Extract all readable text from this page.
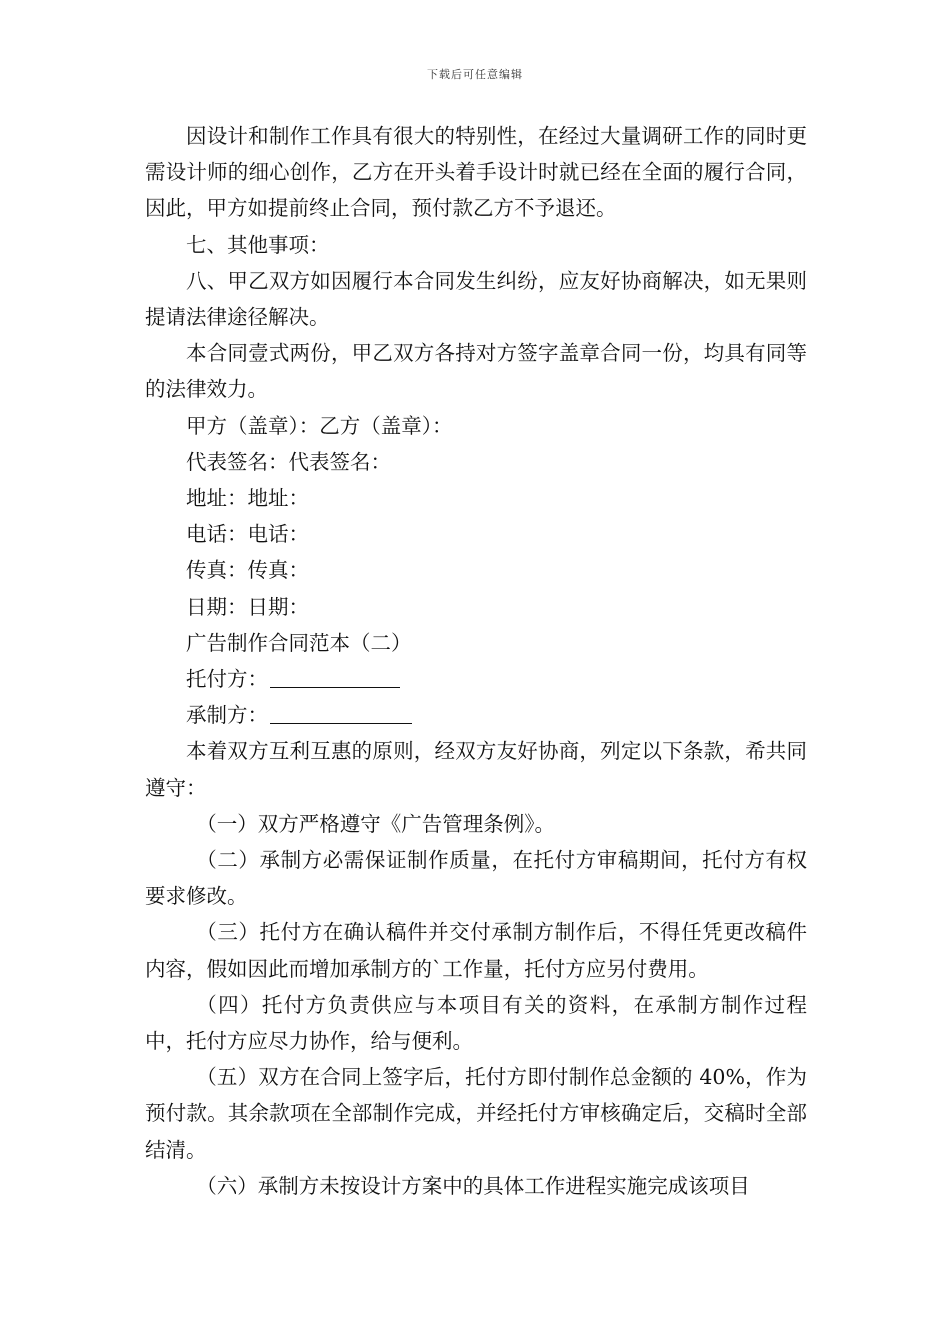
下载后可任意编辑

因设计和制作工作具有很大的特别性，在经过大量调研工作的同时更需设计师的细心创作，乙方在开头着手设计时就已经在全面的履行合同，因此，甲方如提前终止合同，预付款乙方不予退还。

七、其他事项：

八、甲乙双方如因履行本合同发生纠纷，应友好协商解决，如无果则提请法律途径解决。

本合同壹式两份，甲乙双方各持对方签字盖章合同一份，均具有同等的法律效力。

甲方（盖章）：乙方（盖章）：

代表签名：代表签名：

地址：地址：

电话：电话：

传真：传真：

日期：日期：

广告制作合同范本（二）

托付方：

承制方：

本着双方互利互惠的原则，经双方友好协商，列定以下条款，希共同遵守：

（一）双方严格遵守《广告管理条例》。

（二）承制方必需保证制作质量，在托付方审稿期间，托付方有权要求修改。

（三）托付方在确认稿件并交付承制方制作后，不得任凭更改稿件内容，假如因此而增加承制方的`工作量，托付方应另付费用。

（四）托付方负责供应与本项目有关的资料，在承制方制作过程中，托付方应尽力协作，给与便利。

（五）双方在合同上签字后，托付方即付制作总金额的 40%，作为预付款。其余款项在全部制作完成，并经托付方审核确定后，交稿时全部结清。

（六）承制方未按设计方案中的具体工作进程实施完成该项目
